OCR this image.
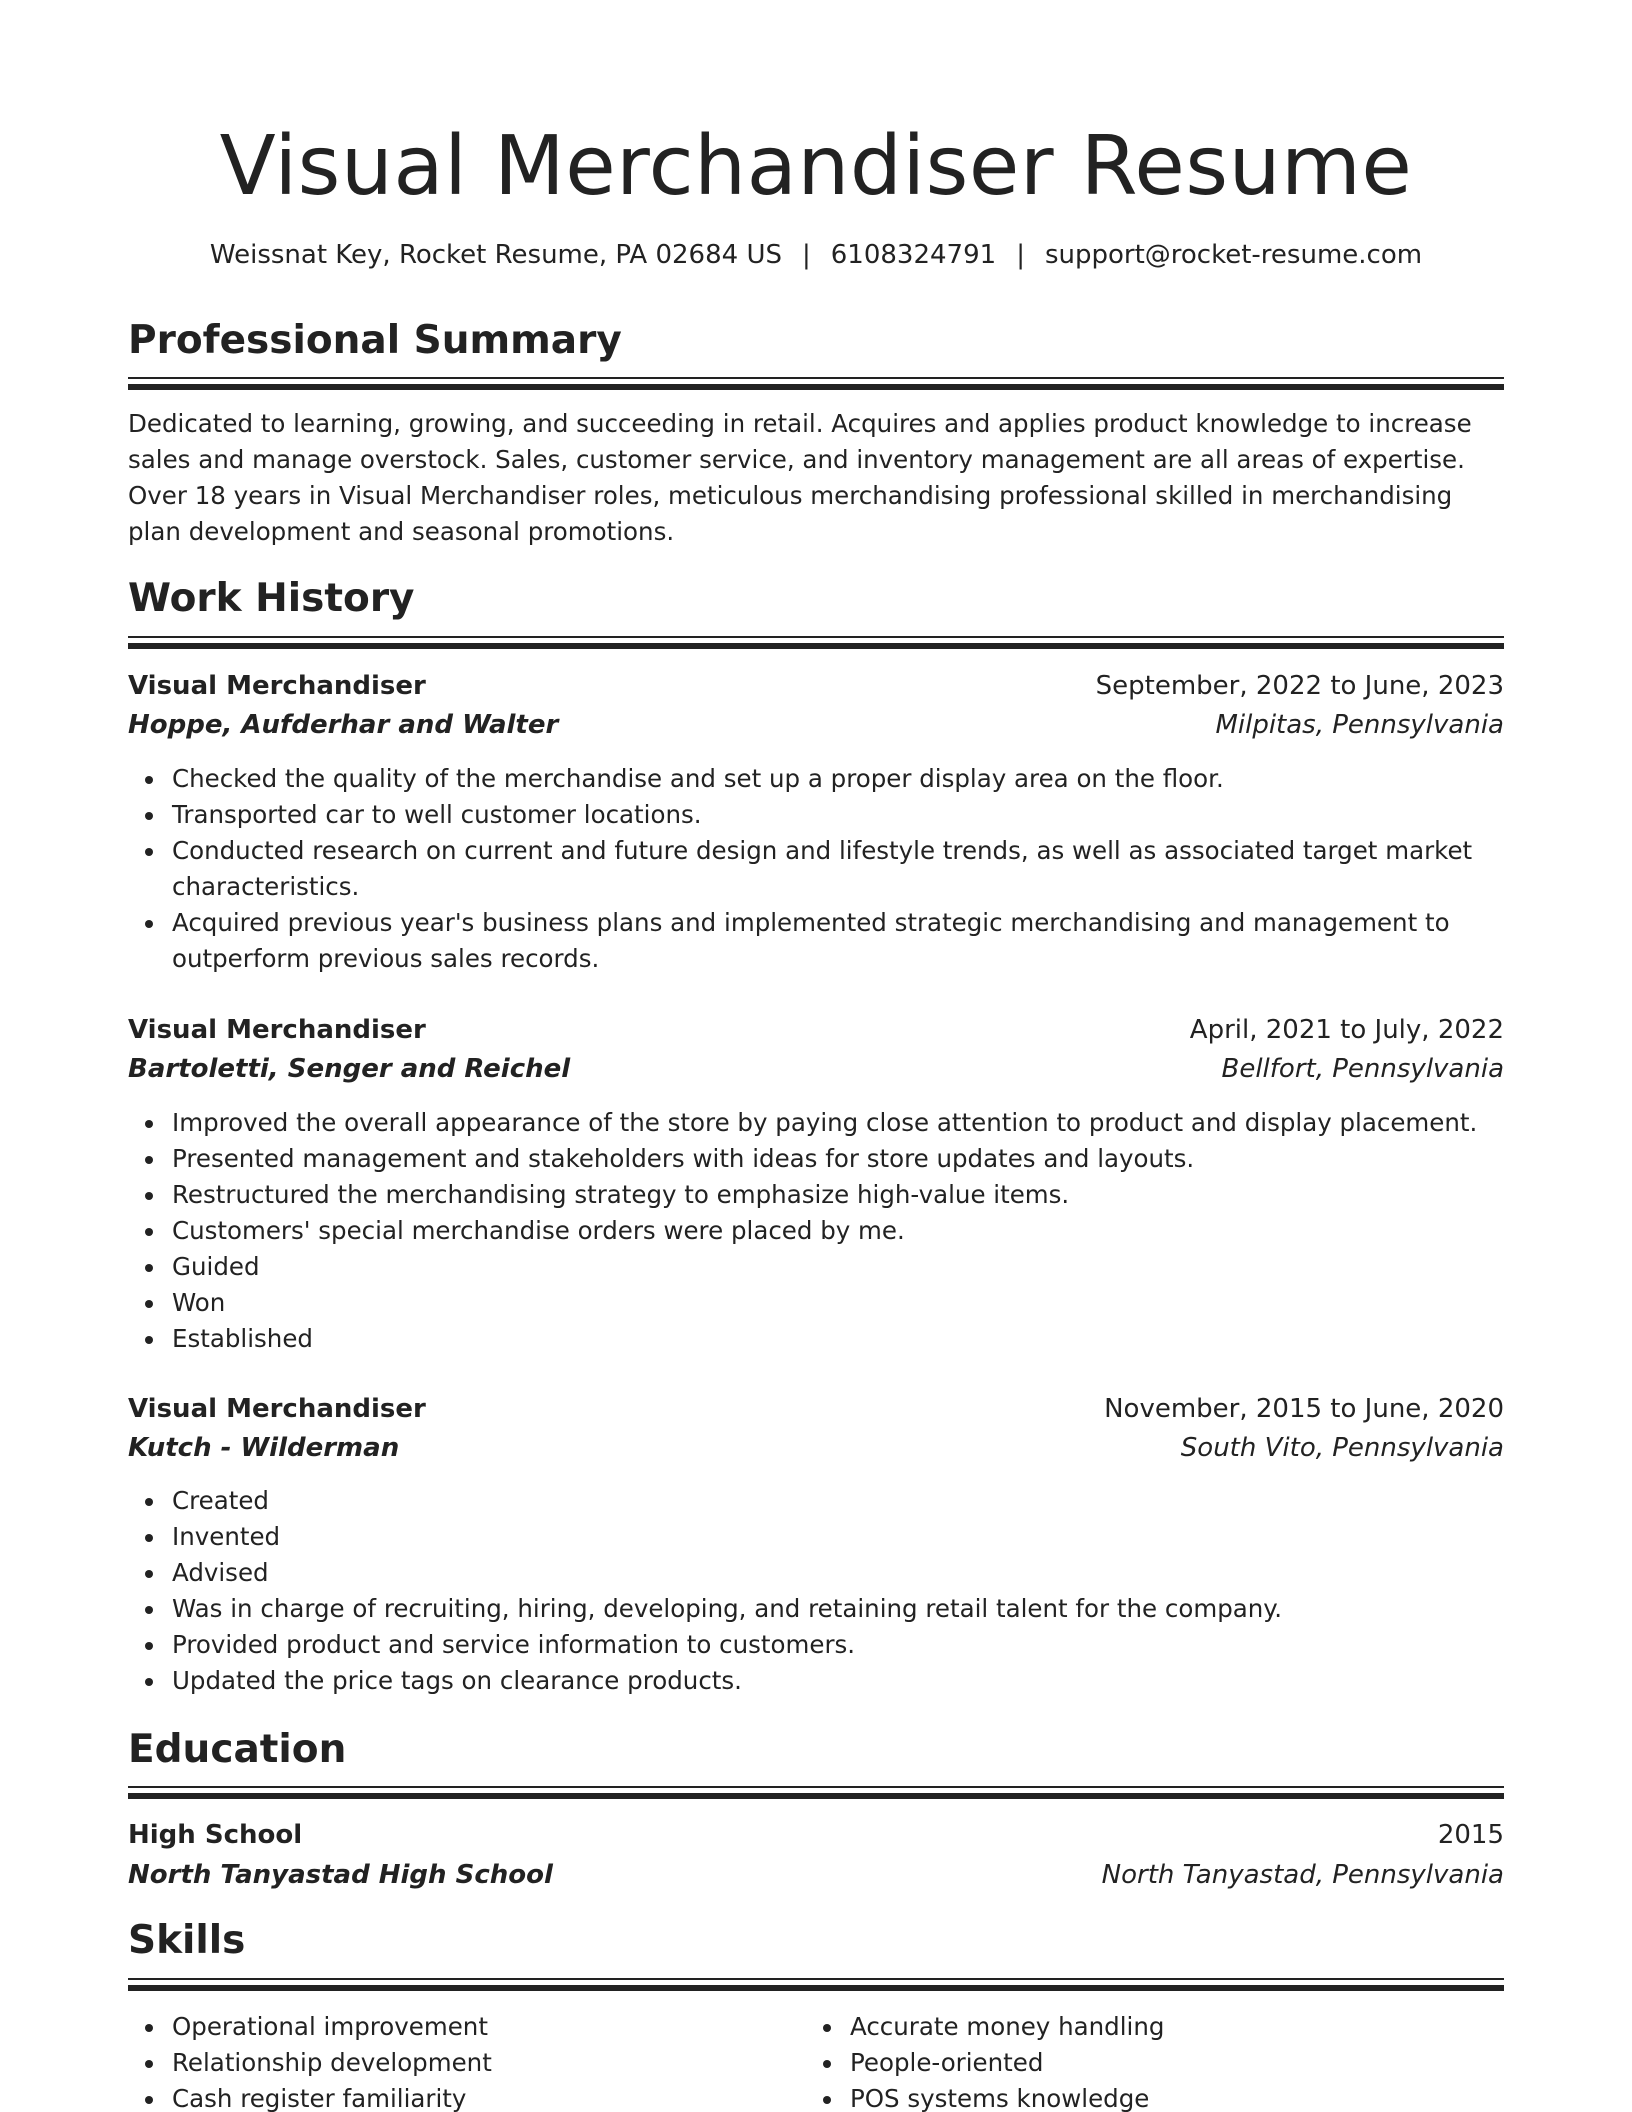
Visual Merchandiser Resume
Weissnat Key, Rocket Resume, PA 02684 US | 6108324791 | support@rocket-resume.com
Professional Summary

Dedicated to learning, growing, and succeeding in retail. Acquires and applies product knowledge to increase sales and manage overstock. Sales, customer service, and inventory management are all areas of expertise. Over 18 years in Visual Merchandiser roles, meticulous merchandising professional skilled in merchandising plan development and seasonal promotions.

Work History
Visual Merchandiser	September, 2022 to June, 2023
Hoppe, Aufderhar and Walter	Milpitas, Pennsylvania
Checked the quality of the merchandise and set up a proper display area on the floor.
Transported car to well customer locations.
Conducted research on current and future design and lifestyle trends, as well as associated target market characteristics.
Acquired previous year's business plans and implemented strategic merchandising and management to outperform previous sales records.
Visual Merchandiser	April, 2021 to July, 2022
Bartoletti, Senger and Reichel	Bellfort, Pennsylvania
Improved the overall appearance of the store by paying close attention to product and display placement.
Presented management and stakeholders with ideas for store updates and layouts.
Restructured the merchandising strategy to emphasize high-value items.
Customers' special merchandise orders were placed by me.
Guided
Won
Established
Visual Merchandiser	November, 2015 to June, 2020
Kutch - Wilderman	South Vito, Pennsylvania
Created
Invented
Advised
Was in charge of recruiting, hiring, developing, and retaining retail talent for the company.
Provided product and service information to customers.
Updated the price tags on clearance products.
Education
High School	2015
North Tanyastad High School	North Tanyastad, Pennsylvania
Skills
Operational improvement
Relationship development
Cash register familiarity
Accurate money handling
People-oriented
POS systems knowledge
